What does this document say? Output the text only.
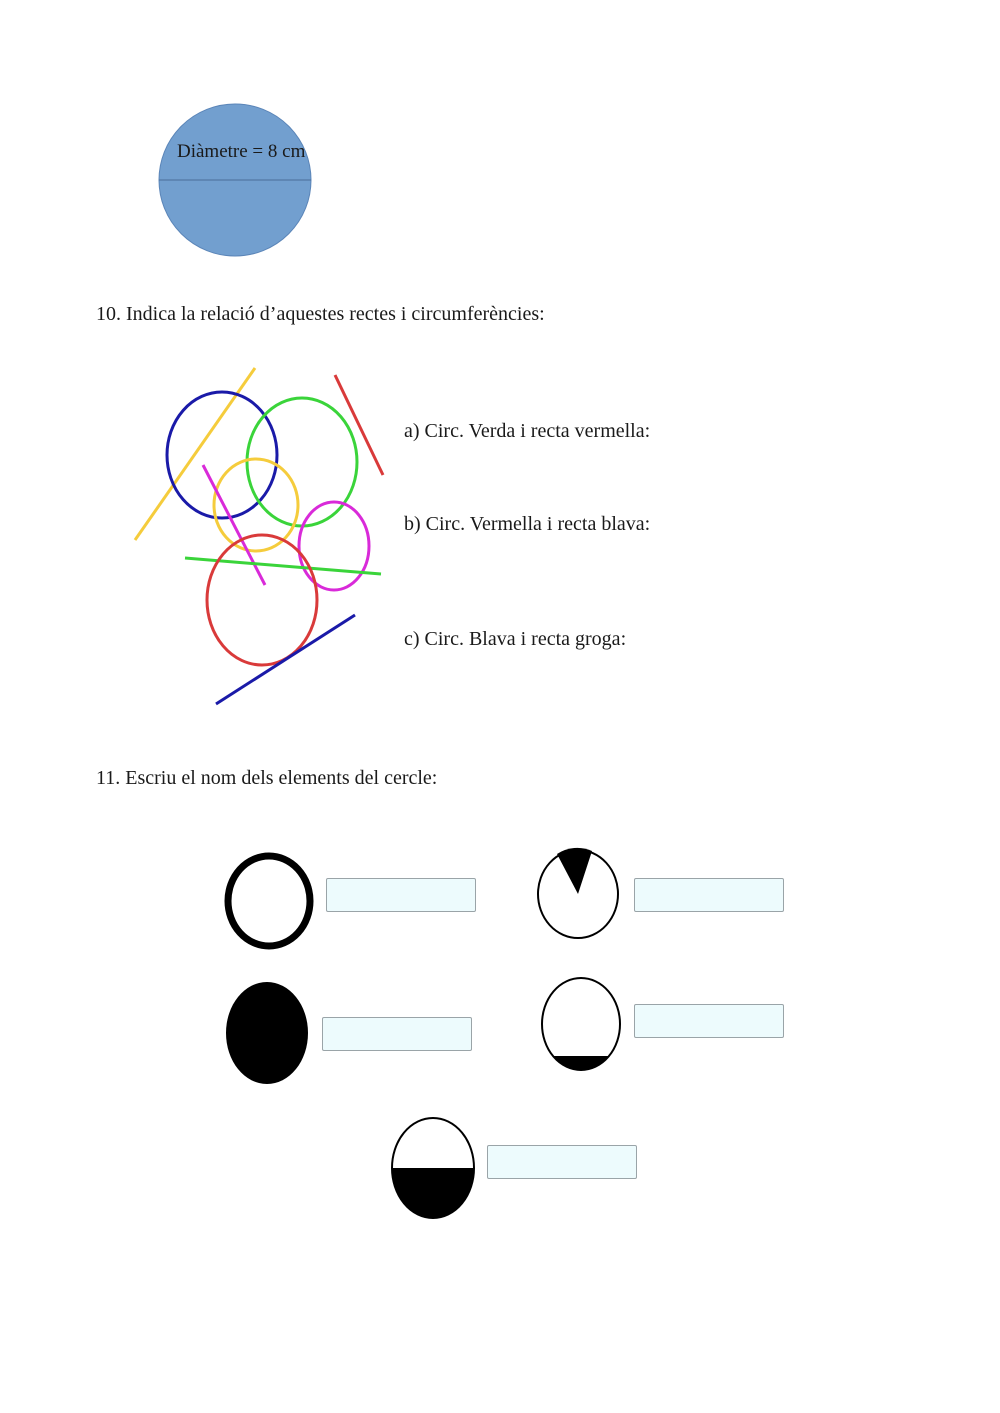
Diàmetre = 8 cm
10. Indica la relació d’aquestes rectes i circumferències:
a) Circ. Verda i recta vermella:
b) Circ. Vermella i recta blava:
c) Circ. Blava i recta groga:
11. Escriu el nom dels elements del cercle:
